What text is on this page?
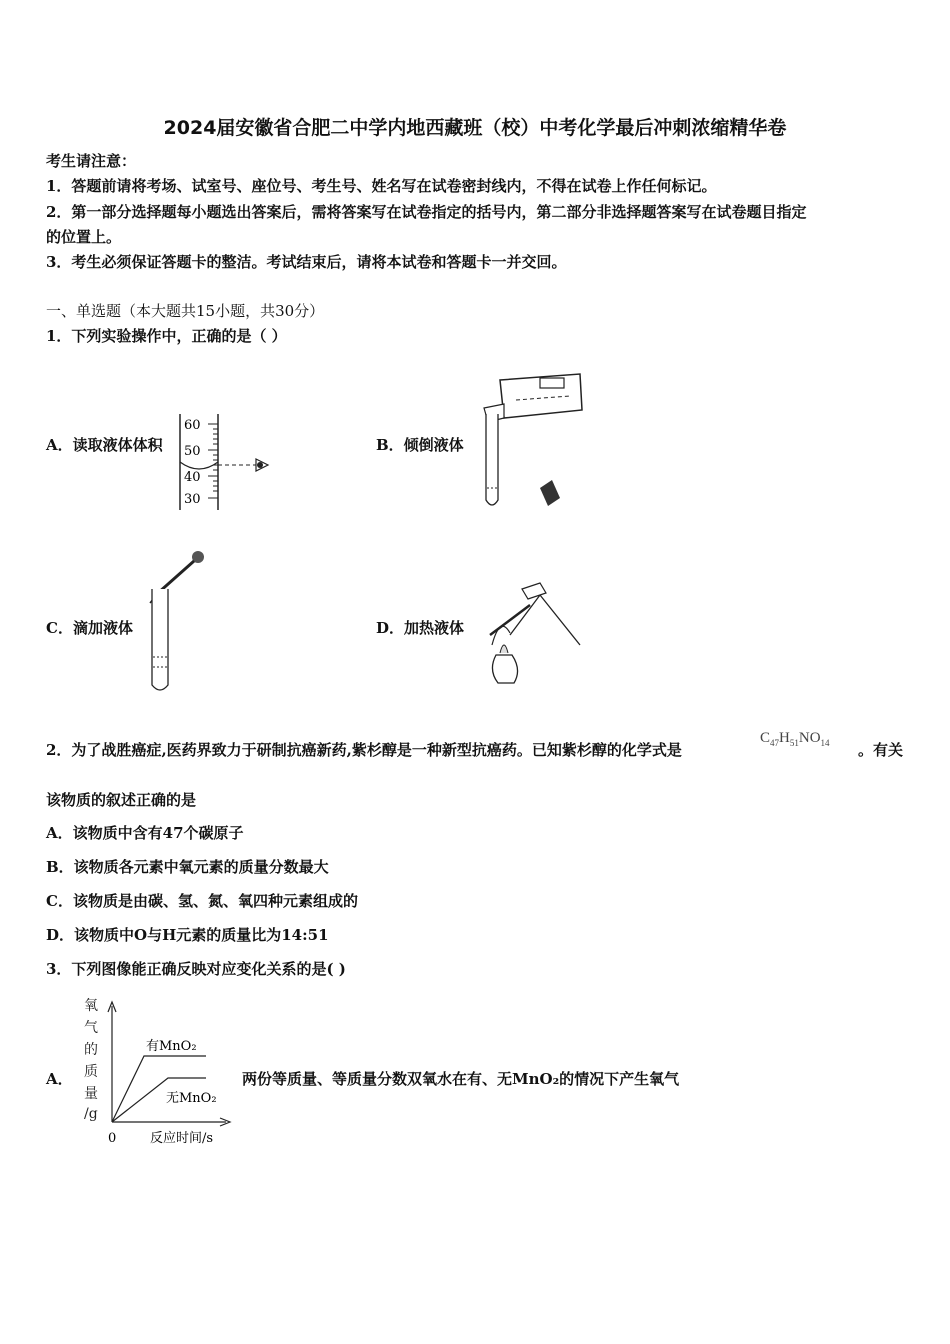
2024届安徽省合肥二中学内地西藏班（校）中考化学最后冲刺浓缩精华卷
考生请注意：
1．答题前请将考场、试室号、座位号、考生号、姓名写在试卷密封线内，不得在试卷上作任何标记。
2．第一部分选择题每小题选出答案后，需将答案写在试卷指定的括号内，第二部分非选择题答案写在试卷题目指定
的位置上。
3．考生必须保证答题卡的整洁。考试结束后，请将本试卷和答题卡一并交回。
一、单选题（本大题共15小题，共30分）
1．下列实验操作中，正确的是（ ）
A．读取液体体积	B．倾倒液体
C．滴加液体	D．加热液体
60
50
40
30
2．为了战胜癌症,医药界致力于研制抗癌新药,紫杉醇是一种新型抗癌药。已知紫杉醇的化学式是
$C_{47}H_{51}NO_{14}$ 。有关
该物质的叙述正确的是
A．该物质中含有47个碳原子
B．该物质各元素中氧元素的质量分数最大
C．该物质是由碳、氢、氮、氧四种元素组成的
D．该物质中O与H元素的质量比为14:51
3．下列图像能正确反映对应变化关系的是( )
A．	两份等质量、等质量分数双氧水在有、无MnO₂的情况下产生氧气
氧
气
的
质
量
/g
0	反应时间/s
有MnO₂
无MnO₂
